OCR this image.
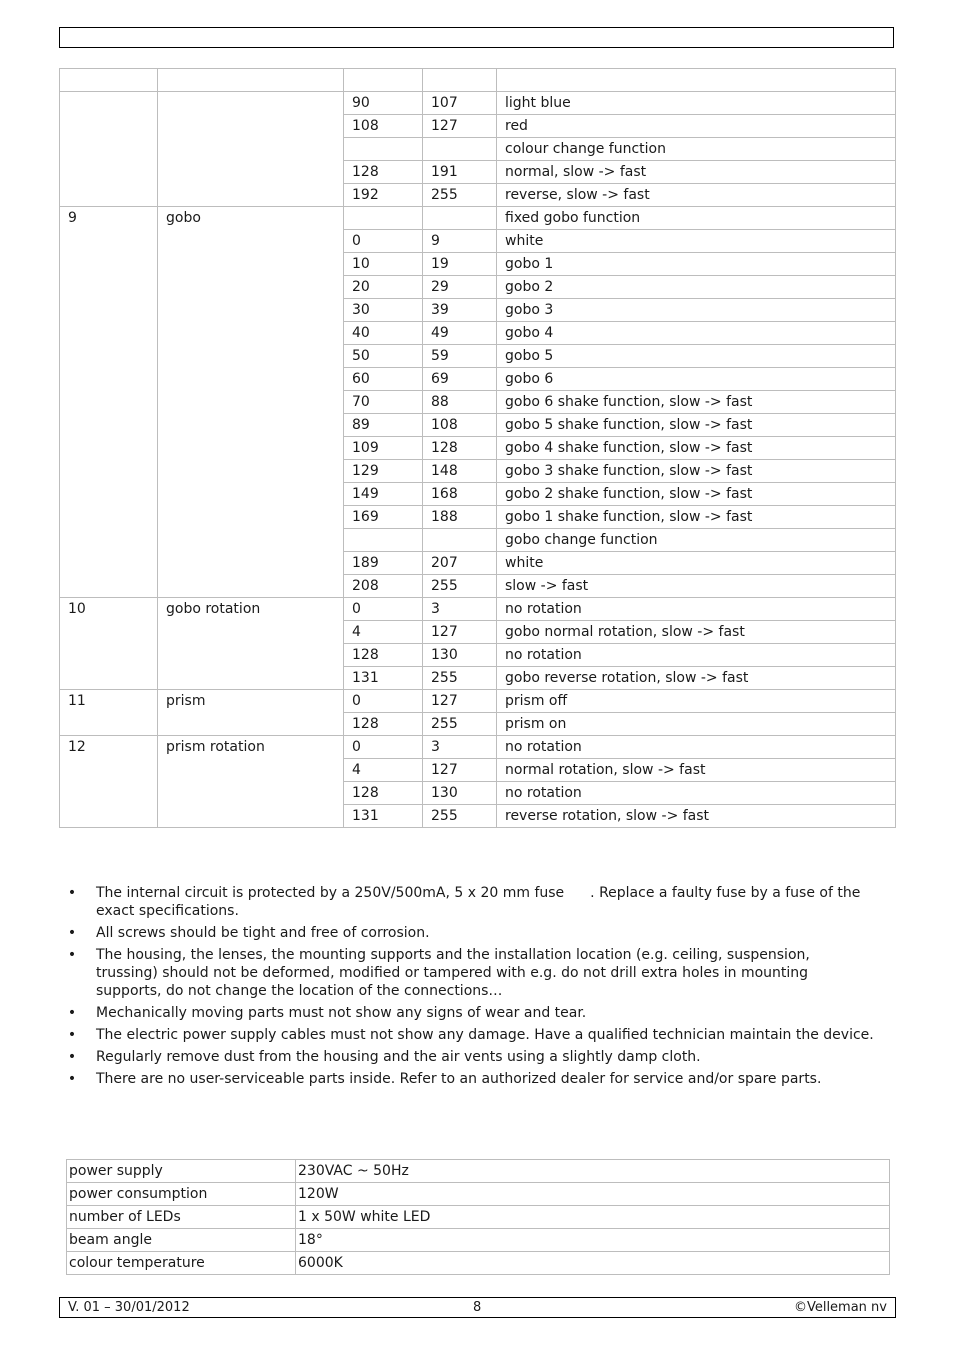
		90	107	light blue
		108	127	red
				colour change function
		128	191	normal, slow -> fast
		192	255	reverse, slow -> fast
9	gobo			fixed gobo function
		0	9	white
		10	19	gobo 1
		20	29	gobo 2
		30	39	gobo 3
		40	49	gobo 4
		50	59	gobo 5
		60	69	gobo 6
		70	88	gobo 6 shake function, slow -> fast
		89	108	gobo 5 shake function, slow -> fast
		109	128	gobo 4 shake function, slow -> fast
		129	148	gobo 3 shake function, slow -> fast
		149	168	gobo 2 shake function, slow -> fast
		169	188	gobo 1 shake function, slow -> fast
				gobo change function
		189	207	white
		208	255	slow -> fast
10	gobo rotation	0	3	no rotation
		4	127	gobo normal rotation, slow -> fast
		128	130	no rotation
		131	255	gobo reverse rotation, slow -> fast
11	prism	0	127	prism off
		128	255	prism on
12	prism rotation	0	3	no rotation
		4	127	normal rotation, slow -> fast
		128	130	no rotation
		131	255	reverse rotation, slow -> fast
• The internal circuit is protected by a 250V/500mA, 5 x 20 mm fuse . Replace a faulty fuse by a fuse of the exact specifications.
• All screws should be tight and free of corrosion.
• The housing, the lenses, the mounting supports and the installation location (e.g. ceiling, suspension, trussing) should not be deformed, modified or tampered with e.g. do not drill extra holes in mounting supports, do not change the location of the connections…
• Mechanically moving parts must not show any signs of wear and tear.
• The electric power supply cables must not show any damage. Have a qualified technician maintain the device.
• Regularly remove dust from the housing and the air vents using a slightly damp cloth.
• There are no user-serviceable parts inside. Refer to an authorized dealer for service and/or spare parts.
power supply	230VAC ~ 50Hz
power consumption	120W
number of LEDs	1 x 50W white LED
beam angle	18°
colour temperature	6000K
V. 01 – 30/01/2012	8	©Velleman nv
